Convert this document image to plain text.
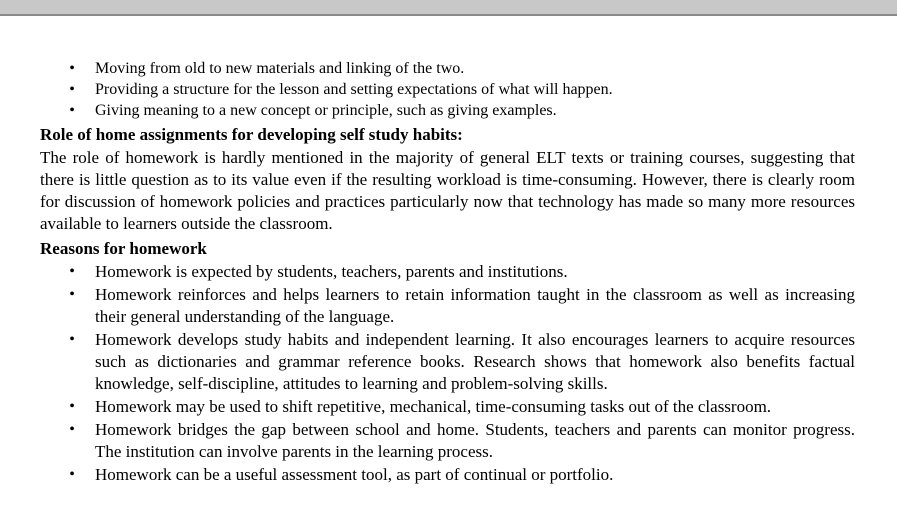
•	Moving from old to new materials and linking of the two.
•	Providing a structure for the lesson and setting expectations of what will happen.
•	Giving meaning to a new concept or principle, such as giving examples.
Role of home assignments for developing self study habits:

The role of homework is hardly mentioned in the majority of general ELT texts or training courses, suggesting that there is little question as to its value even if the resulting workload is time-consuming. However, there is clearly room for discussion of homework policies and practices particularly now that technology has made so many more resources available to learners outside the classroom.

Reasons for homework
•	Homework is expected by students, teachers, parents and institutions.
•	Homework reinforces and helps learners to retain information taught in the classroom as well as increasing their general understanding of the language.
•	Homework develops study habits and independent learning. It also encourages learners to acquire resources such as dictionaries and grammar reference books. Research shows that homework also benefits factual knowledge, self-discipline, attitudes to learning and problem-solving skills.
•	Homework may be used to shift repetitive, mechanical, time-consuming tasks out of the classroom.
•	Homework bridges the gap between school and home. Students, teachers and parents can monitor progress. The institution can involve parents in the learning process.
•	Homework can be a useful assessment tool, as part of continual or portfolio.
